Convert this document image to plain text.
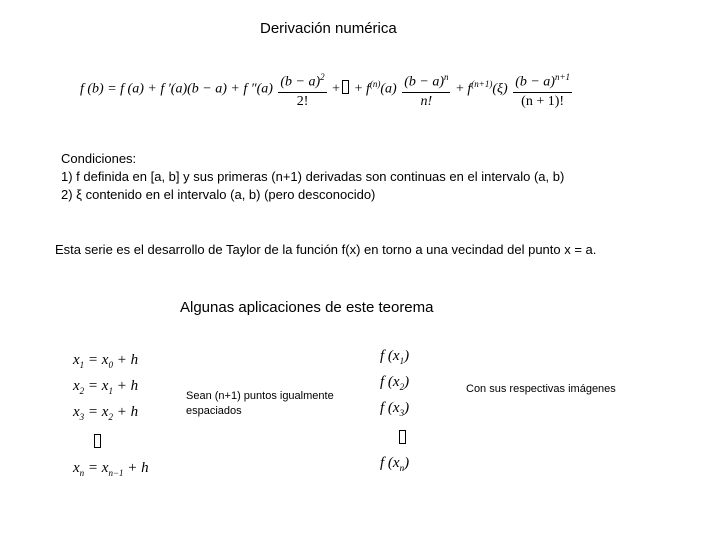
Derivación numérica
f (b) = f (a) + f ′(a)(b − a) + f $''(a) \frac{(b - a)^2}{2!}$ + + $f^{(n)}(a) \frac{(b - a)^n}{n!} + f^{(n+1)}(\xi) \frac{(b - a)^{n+1}}{(n + 1)!}$
Condiciones:
1) f definida en [a, b] y sus primeras (n+1) derivadas son continuas en el intervalo (a, b)
2) ξ contenido en el intervalo (a, b) (pero desconocido)
Esta serie es el desarrollo de Taylor de la función f(x) en torno a una vecindad del punto x = a.
Algunas aplicaciones de este teorema
$x_1 = x_0 + h$
$x_2 = x_1 + h$
$x_3 = x_2 + h$
$x_n = x_{n-1} + h$
Sean (n+1) puntos igualmente espaciados
f $(x_1)$
f $(x_2)$
f $(x_3)$
f $(x_n)$
Con sus respectivas imágenes
